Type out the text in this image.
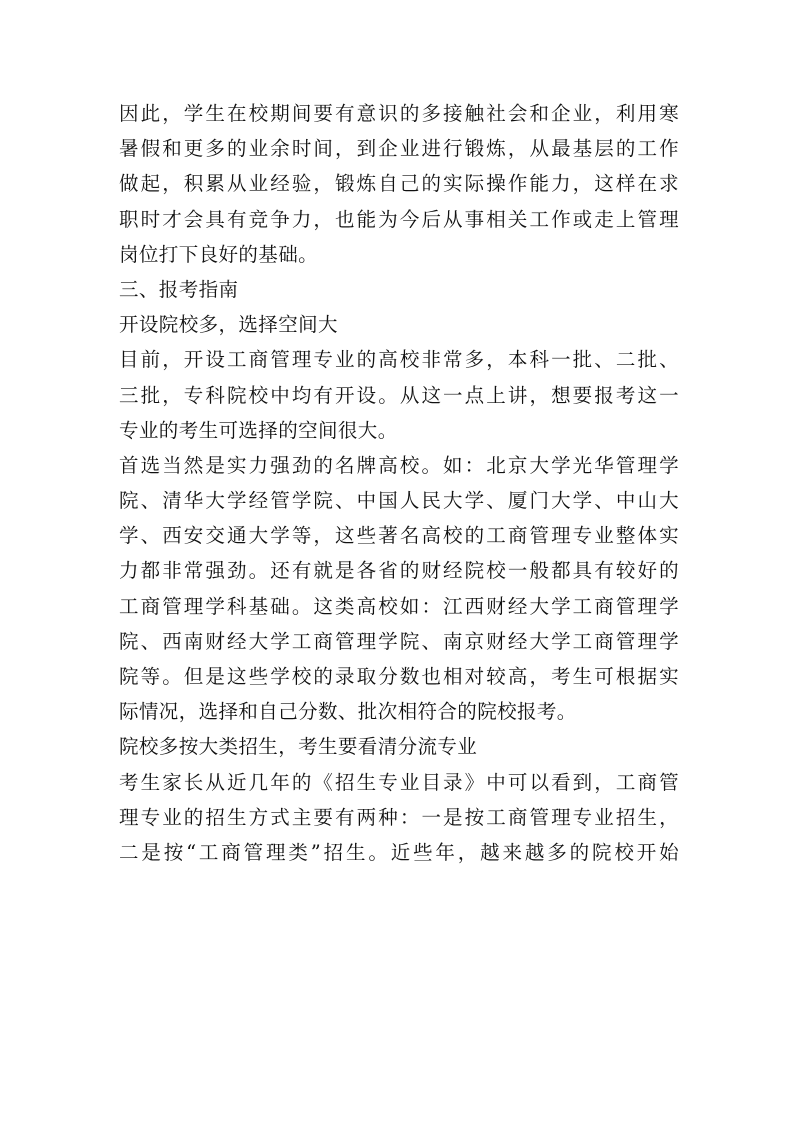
因此，学生在校期间要有意识的多接触社会和企业，利用寒
暑假和更多的业余时间，到企业进行锻炼，从最基层的工作
做起，积累从业经验，锻炼自己的实际操作能力，这样在求
职时才会具有竞争力，也能为今后从事相关工作或走上管理
岗位打下良好的基础。
三、报考指南
开设院校多，选择空间大
目前，开设工商管理专业的高校非常多，本科一批、二批、
三批，专科院校中均有开设。从这一点上讲，想要报考这一
专业的考生可选择的空间很大。
首选当然是实力强劲的名牌高校。如：北京大学光华管理学
院、清华大学经管学院、中国人民大学、厦门大学、中山大
学、西安交通大学等，这些著名高校的工商管理专业整体实
力都非常强劲。还有就是各省的财经院校一般都具有较好的
工商管理学科基础。这类高校如：江西财经大学工商管理学
院、西南财经大学工商管理学院、南京财经大学工商管理学
院等。但是这些学校的录取分数也相对较高，考生可根据实
际情况，选择和自己分数、批次相符合的院校报考。
院校多按大类招生，考生要看清分流专业
考生家长从近几年的《招生专业目录》中可以看到，工商管
理专业的招生方式主要有两种：一是按工商管理专业招生，
二是按“工商管理类”招生。近些年，越来越多的院校开始
